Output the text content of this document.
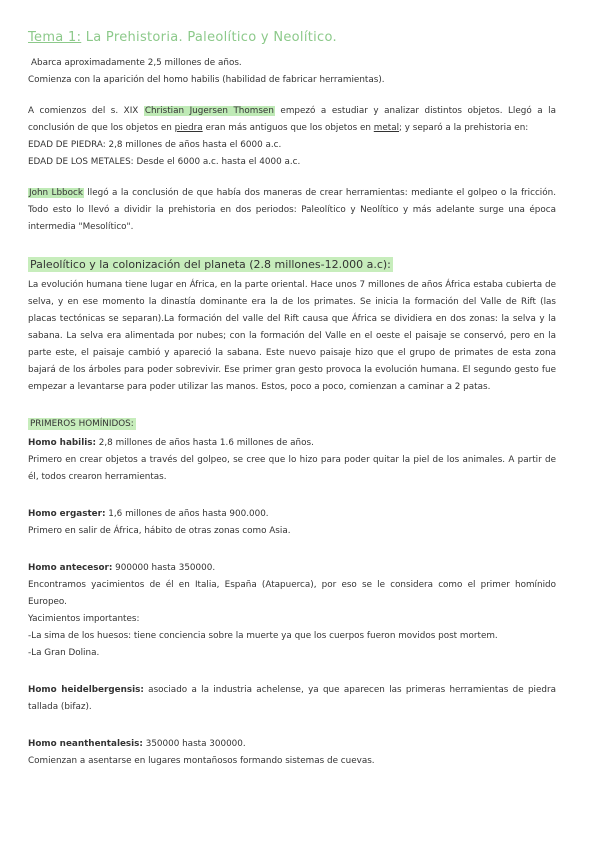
Tema 1: La Prehistoria. Paleolítico y Neolítico.

Abarca aproximadamente 2,5 millones de años.

Comienza con la aparición del homo habilis (habilidad de fabricar herramientas).

A comienzos del s. XIX Christian Jugersen Thomsen empezó a estudiar y analizar distintos objetos. Llegó a la conclusión de que los objetos en piedra eran más antiguos que los objetos en metal; y separó a la prehistoria en:

EDAD DE PIEDRA: 2,8 millones de años hasta el 6000 a.c.

EDAD DE LOS METALES: Desde el 6000 a.c. hasta el 4000 a.c.

John Lbbock llegó a la conclusión de que había dos maneras de crear herramientas: mediante el golpeo o la fricción. Todo esto lo llevó a dividir la prehistoria en dos periodos: Paleolítico y Neolítico y más adelante surge una época intermedia "Mesolítico".

Paleolítico y la colonización del planeta (2.8 millones-12.000 a.c):

La evolución humana tiene lugar en África, en la parte oriental. Hace unos 7 millones de años África estaba cubierta de selva, y en ese momento la dinastía dominante era la de los primates. Se inicia la formación del Valle de Rift (las placas tectónicas se separan).La formación del valle del Rift causa que África se dividiera en dos zonas: la selva y la sabana. La selva era alimentada por nubes; con la formación del Valle en el oeste el paisaje se conservó, pero en la parte este, el paisaje cambió y apareció la sabana. Este nuevo paisaje hizo que el grupo de primates de esta zona bajará de los árboles para poder sobrevivir. Ese primer gran gesto provoca la evolución humana. El segundo gesto fue empezar a levantarse para poder utilizar las manos. Estos, poco a poco, comienzan a caminar a 2 patas.

PRIMEROS HOMÍNIDOS:

Homo habilis: 2,8 millones de años hasta 1.6 millones de años.

Primero en crear objetos a través del golpeo, se cree que lo hizo para poder quitar la piel de los animales. A partir de él, todos crearon herramientas.

Homo ergaster: 1,6 millones de años hasta 900.000.

Primero en salir de África, hábito de otras zonas como Asia.

Homo antecesor: 900000 hasta 350000.

Encontramos yacimientos de él en Italia, España (Atapuerca), por eso se le considera como el primer homínido Europeo.

Yacimientos importantes:

-La sima de los huesos: tiene conciencia sobre la muerte ya que los cuerpos fueron movidos post mortem.

-La Gran Dolina.

Homo heidelbergensis: asociado a la industria achelense, ya que aparecen las primeras herramientas de piedra tallada (bifaz).

Homo neanthentalesis: 350000 hasta 300000.

Comienzan a asentarse en lugares montañosos formando sistemas de cuevas.
